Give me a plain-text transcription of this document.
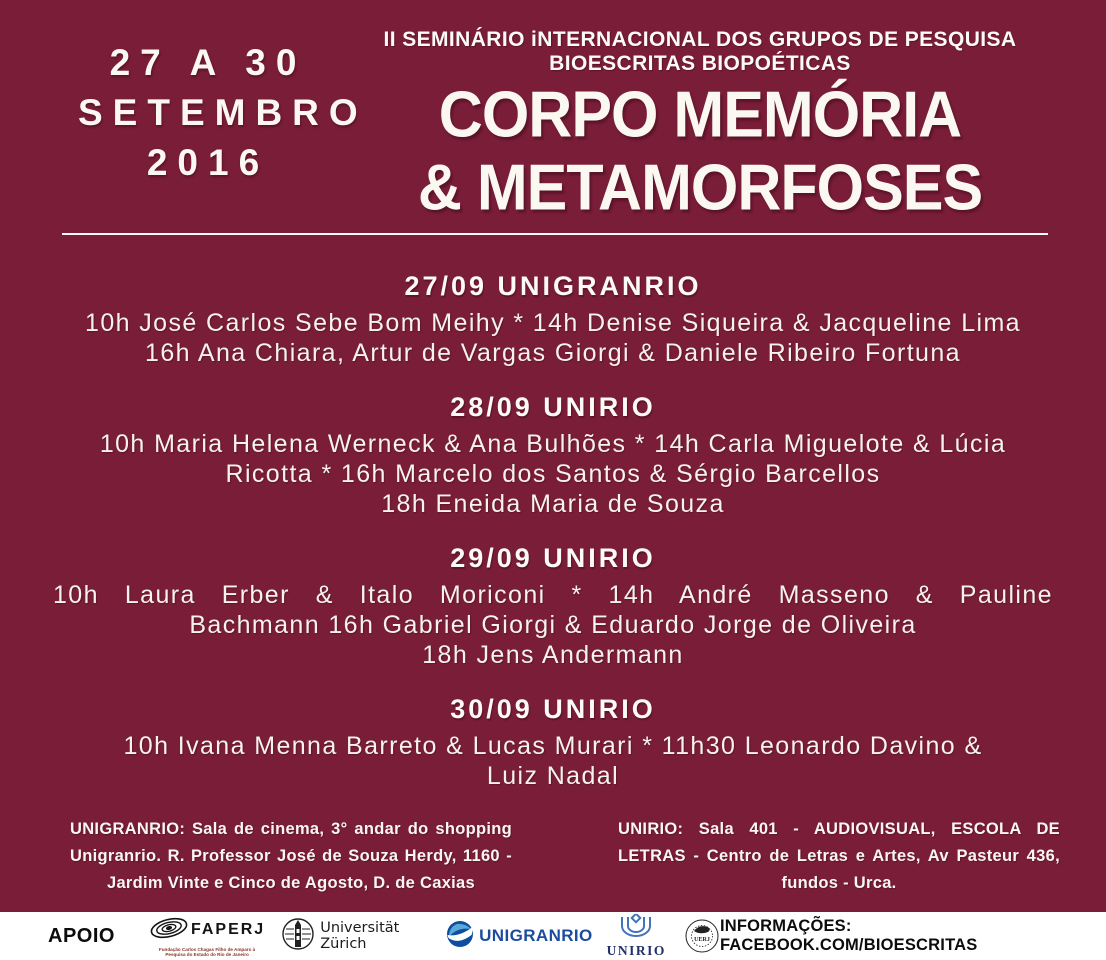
27 A 30
SETEMBRO
2016
II SEMINÁRIO iNTERNACIONAL DOS GRUPOS DE PESQUISA
BIOESCRITAS BIOPOÉTICAS
CORPO MEMÓRIA
& METAMORFOSES
27/09 UNIGRANRIO

10h José Carlos Sebe Bom Meihy * 14h Denise Siqueira & Jacqueline Lima

16h Ana Chiara, Artur de Vargas Giorgi & Daniele Ribeiro Fortuna

28/09 UNIRIO

10h Maria Helena Werneck & Ana Bulhões * 14h Carla Miguelote & Lúcia

Ricotta * 16h Marcelo dos Santos & Sérgio Barcellos

18h Eneida Maria de Souza

29/09 UNIRIO

10h Laura Erber & Italo Moriconi * 14h André Masseno & Pauline

Bachmann 16h Gabriel Giorgi & Eduardo Jorge de Oliveira

18h Jens Andermann

30/09 UNIRIO

10h Ivana Menna Barreto & Lucas Murari * 11h30 Leonardo Davino &

Luiz Nadal

UNIGRANRIO: Sala de cinema, 3° andar do shopping Unigranrio. R. Professor José de Souza Herdy, 1160 - Jardim Vinte e Cinco de Agosto, D. de Caxias
UNIRIO: Sala 401 - AUDIOVISUAL, ESCOLA DE LETRAS - Centro de Letras e Artes, Av Pasteur 436, fundos - Urca.
APOIO	FAPERJ
Fundação Carlos Chagas Filho de Amparo à Pesquisa do Estado do Rio de Janeiro
Universität Zürich	UNIGRANRIO
UNIRIO
UERJ
INFORMAÇÕES: FACEBOOK.COM/BIOESCRITAS
